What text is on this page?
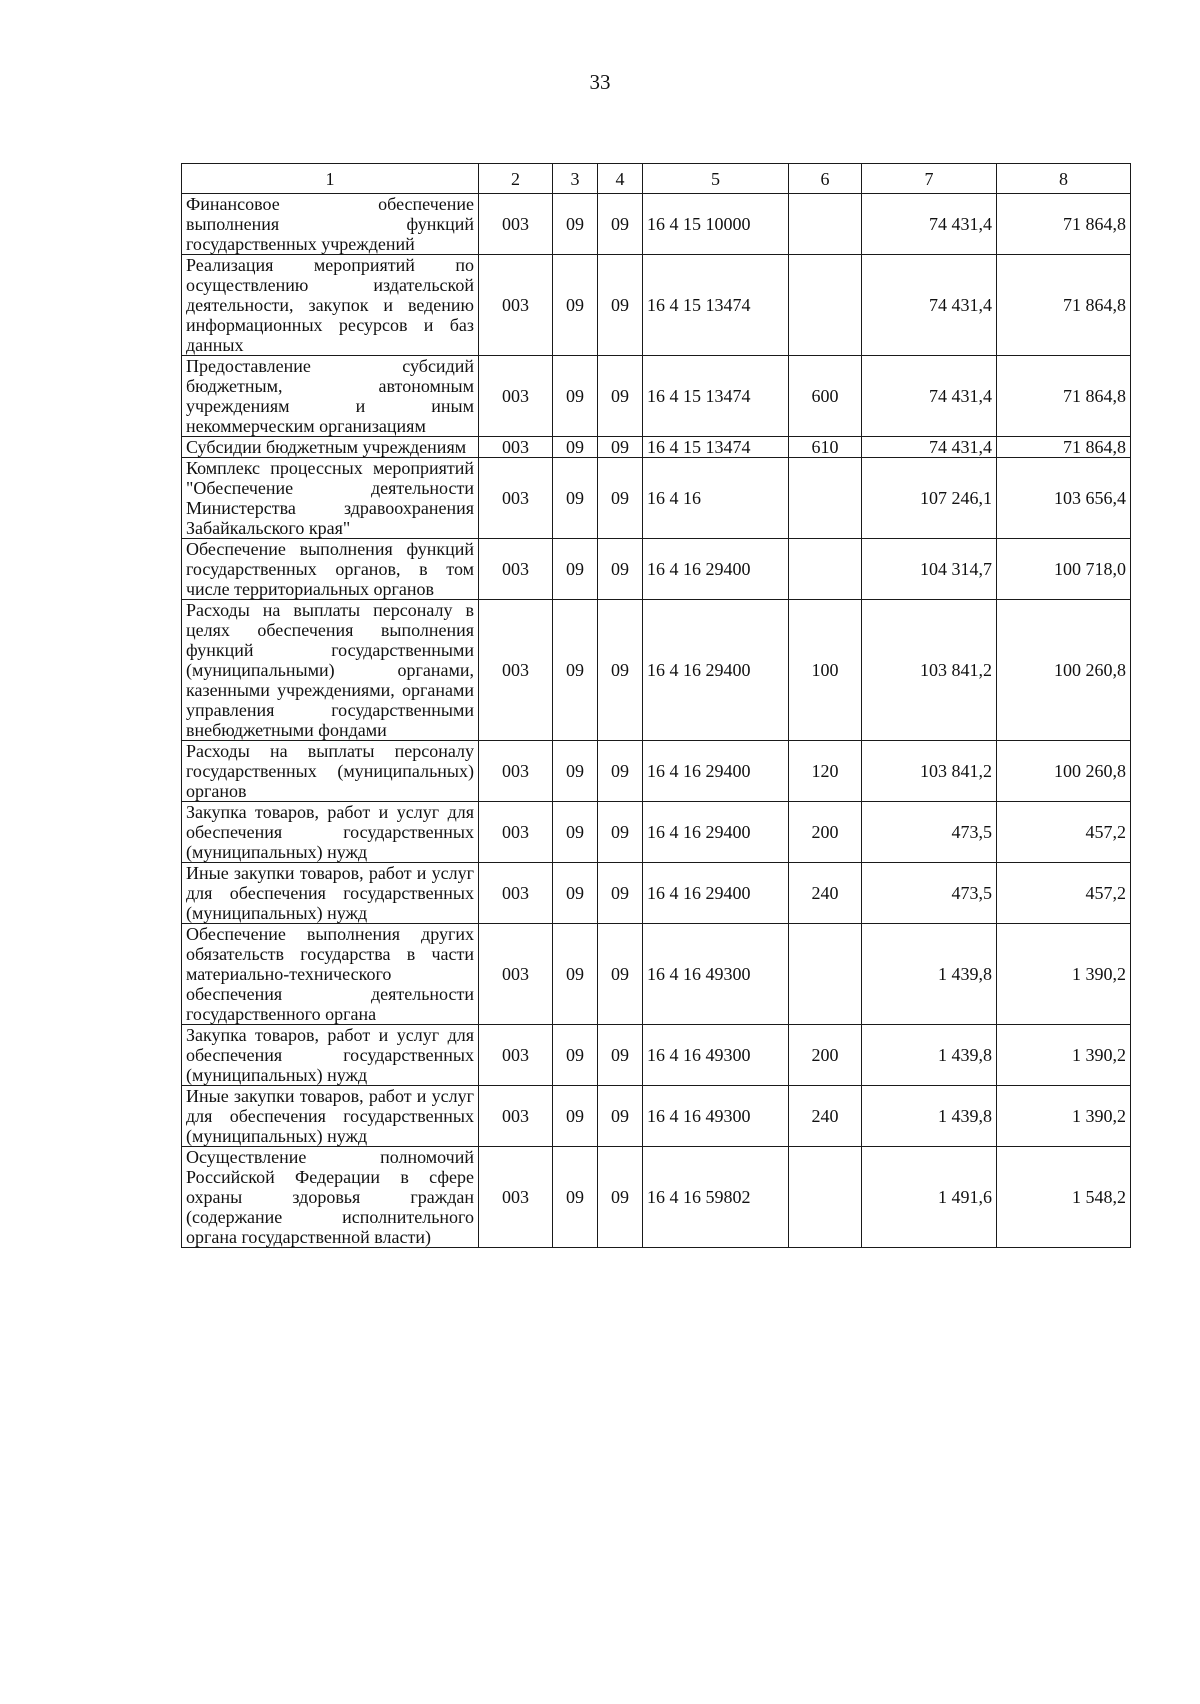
33
1	2	3	4	5	6	7	8
Финансовое обеспечение выполнения функций государственных учреждений	003	09	09	16 4 15 10000		74 431,4	71 864,8
Реализация мероприятий по осуществлению издательской деятельности, закупок и ведению информационных ресурсов и баз данных	003	09	09	16 4 15 13474		74 431,4	71 864,8
Предоставление субсидий бюджетным, автономным учреждениям и иным некоммерческим организациям	003	09	09	16 4 15 13474	600	74 431,4	71 864,8
Субсидии бюджетным учреждениям	003	09	09	16 4 15 13474	610	74 431,4	71 864,8
Комплекс процессных мероприятий "Обеспечение деятельности Министерства здравоохранения Забайкальского края"	003	09	09	16 4 16		107 246,1	103 656,4
Обеспечение выполнения функций государственных органов, в том числе территориальных органов	003	09	09	16 4 16 29400		104 314,7	100 718,0
Расходы на выплаты персоналу в целях обеспечения выполнения функций государственными (муниципальными) органами, казенными учреждениями, органами управления государственными внебюджетными фондами	003	09	09	16 4 16 29400	100	103 841,2	100 260,8
Расходы на выплаты персоналу государственных (муниципальных) органов	003	09	09	16 4 16 29400	120	103 841,2	100 260,8
Закупка товаров, работ и услуг для обеспечения государственных (муниципальных) нужд	003	09	09	16 4 16 29400	200	473,5	457,2
Иные закупки товаров, работ и услуг для обеспечения государственных (муниципальных) нужд	003	09	09	16 4 16 29400	240	473,5	457,2
Обеспечение выполнения других обязательств государства в части материально-технического обеспечения деятельности государственного органа	003	09	09	16 4 16 49300		1 439,8	1 390,2
Закупка товаров, работ и услуг для обеспечения государственных (муниципальных) нужд	003	09	09	16 4 16 49300	200	1 439,8	1 390,2
Иные закупки товаров, работ и услуг для обеспечения государственных (муниципальных) нужд	003	09	09	16 4 16 49300	240	1 439,8	1 390,2
Осуществление полномочий Российской Федерации в сфере охраны здоровья граждан (содержание исполнительного органа государственной власти)	003	09	09	16 4 16 59802		1 491,6	1 548,2
